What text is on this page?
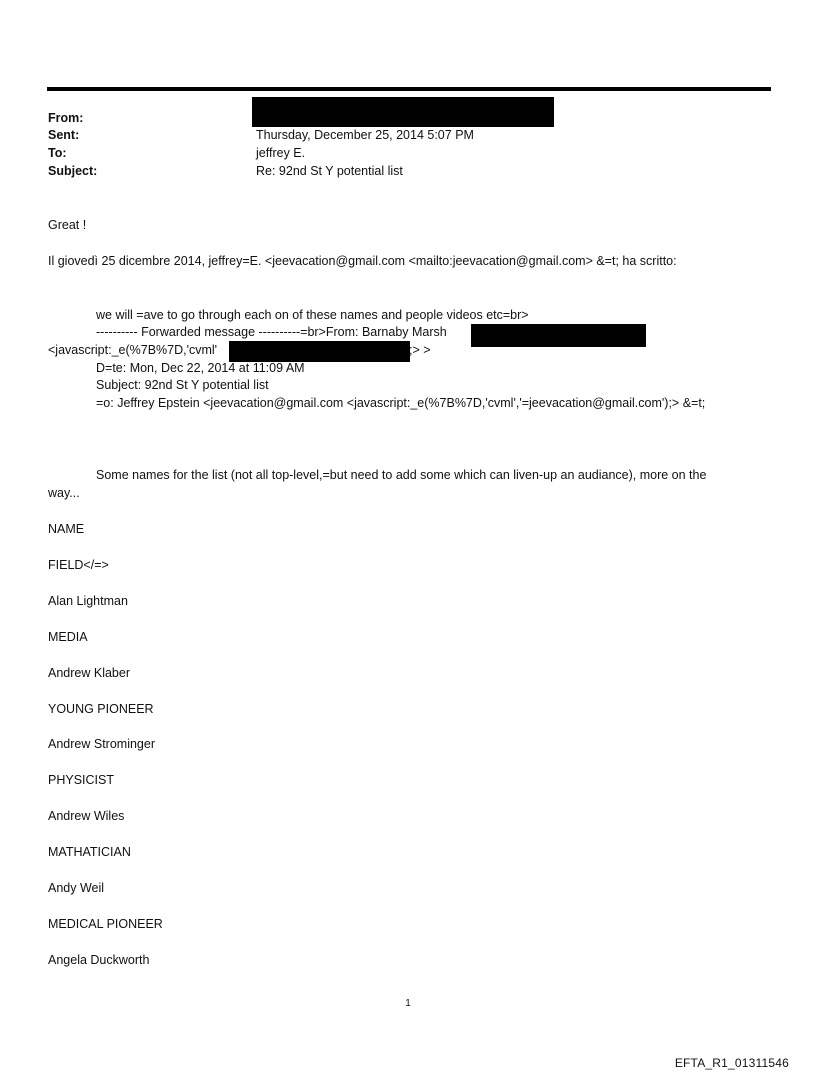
From:
Sent:	Thursday, December 25, 2014 5:07 PM
To:	jeffrey E.
Subject:	Re: 92nd St Y potential list
Great !
Il giovedì 25 dicembre 2014, jeffrey=E. <jeevacation@gmail.com <mailto:jeevacation@gmail.com> &=t; ha scritto:
we will =ave to go through each on of these names and people videos etc=br>
---------- Forwarded message ----------=br>From: Barnaby Marsh
<javascript:_e(%7B%7D,'cvml'	;> >
D=te: Mon, Dec 22, 2014 at 11:09 AM
Subject: 92nd St Y potential list
=o: Jeffrey Epstein <jeevacation@gmail.com <javascript:_e(%7B%7D,'cvml','=jeevacation@gmail.com');> &=t;
Some names for the list (not all top-level,=but need to add some which can liven-up an audiance), more on the
way...
NAME
FIELD</=>
Alan Lightman
MEDIA
Andrew Klaber
YOUNG PIONEER
Andrew Strominger
PHYSICIST
Andrew Wiles
MATHATICIAN
Andy Weil
MEDICAL PIONEER
Angela Duckworth
1
EFTA_R1_01311546
